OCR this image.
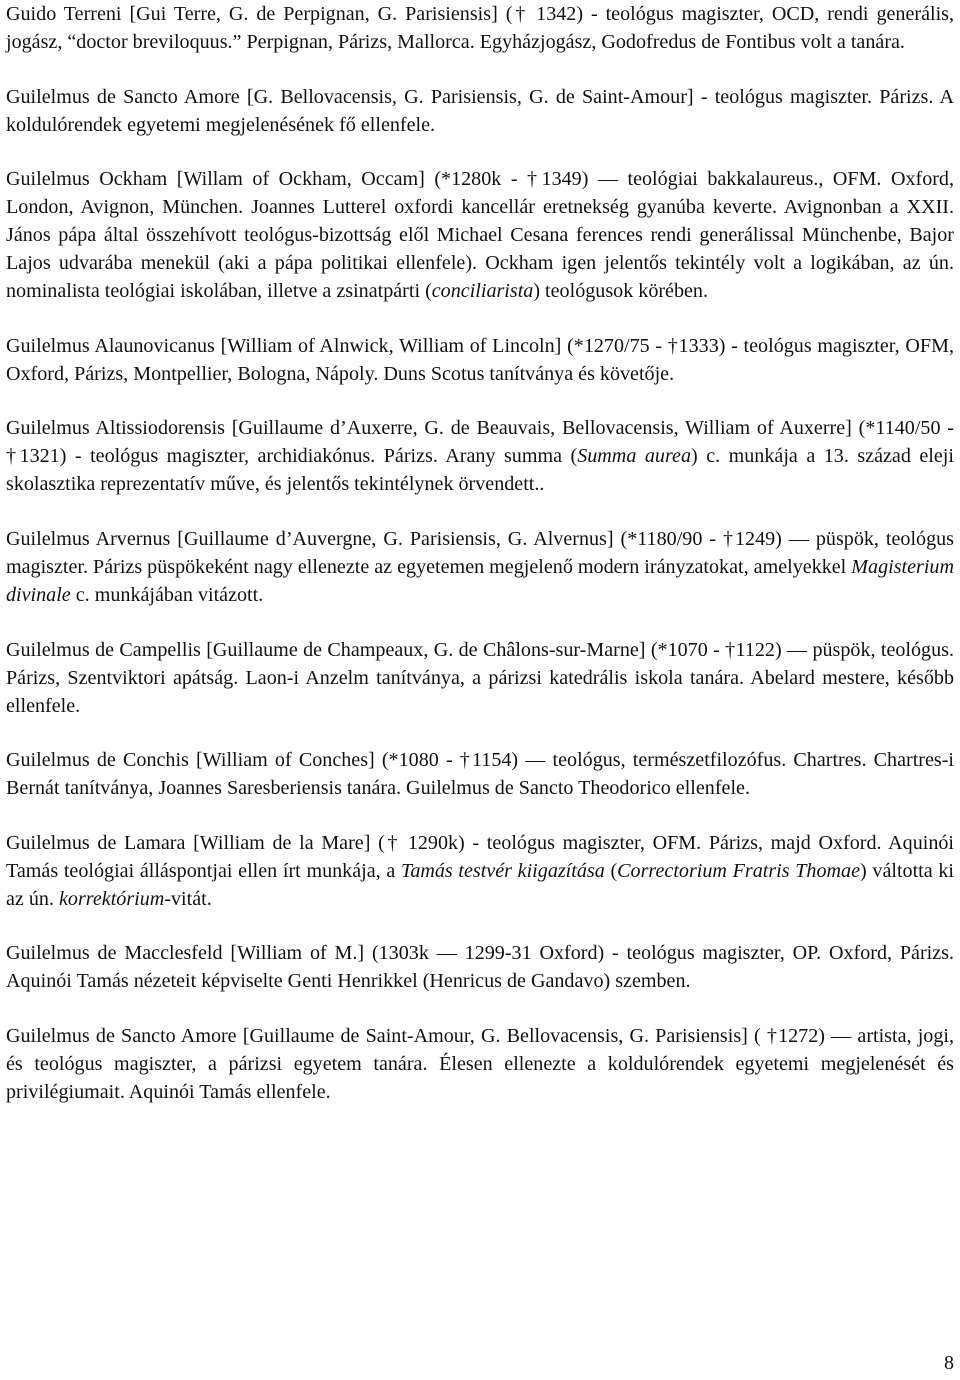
Guido Terreni [Gui Terre, G. de Perpignan, G. Parisiensis] († 1342) - teológus magiszter, OCD, rendi generális, jogász, “doctor breviloquus.” Perpignan, Párizs, Mallorca. Egyházjogász, Godofredus de Fontibus volt a tanára.

Guilelmus de Sancto Amore [G. Bellovacensis, G. Parisiensis, G. de Saint-Amour] - teológus magiszter. Párizs. A koldulórendek egyetemi megjelenésének fő ellenfele.

Guilelmus Ockham [Willam of Ockham, Occam] (*1280k - †1349) — teológiai bakkalaureus., OFM. Oxford, London, Avignon, München. Joannes Lutterel oxfordi kancellár eretnekség gyanúba keverte. Avignonban a XXII. János pápa által összehívott teológus-bizottság elől Michael Cesana ferences rendi generálissal Münchenbe, Bajor Lajos udvarába menekül (aki a pápa politikai ellenfele). Ockham igen jelentős tekintély volt a logikában, az ún. nominalista teológiai iskolában, illetve a zsinatpárti (conciliarista) teológusok körében.

Guilelmus Alaunovicanus [William of Alnwick, William of Lincoln] (*1270/75 - †1333) - teológus magiszter, OFM, Oxford, Párizs, Montpellier, Bologna, Nápoly. Duns Scotus tanítványa és követője.

Guilelmus Altissiodorensis [Guillaume d’Auxerre, G. de Beauvais, Bellovacensis, William of Auxerre] (*1140/50 - †1321) - teológus magiszter, archidiakónus. Párizs. Arany summa (Summa aurea) c. munkája a 13. század eleji skolasztika reprezentatív műve, és jelentős tekintélynek örvendett..

Guilelmus Arvernus [Guillaume d’Auvergne, G. Parisiensis, G. Alvernus] (*1180/90 - †1249) — püspök, teológus magiszter. Párizs püspökeként nagy ellenezte az egyetemen megjelenő modern irányzatokat, amelyekkel Magisterium divinale c. munkájában vitázott.

Guilelmus de Campellis [Guillaume de Champeaux, G. de Châlons-sur-Marne] (*1070 - †1122) — püspök, teológus. Párizs, Szentviktori apátság. Laon-i Anzelm tanítványa, a párizsi katedrális iskola tanára. Abelard mestere, később ellenfele.

Guilelmus de Conchis [William of Conches] (*1080 - †1154) — teológus, természetfilozófus. Chartres. Chartres-i Bernát tanítványa, Joannes Saresberiensis tanára. Guilelmus de Sancto Theodorico ellenfele.

Guilelmus de Lamara [William de la Mare] († 1290k) - teológus magiszter, OFM. Párizs, majd Oxford. Aquinói Tamás teológiai álláspontjai ellen írt munkája, a Tamás testvér kiigazítása (Correctorium Fratris Thomae) váltotta ki az ún. korrektórium-vitát.

Guilelmus de Macclesfeld [William of M.] (1303k — 1299-31 Oxford) - teológus magiszter, OP. Oxford, Párizs. Aquinói Tamás nézeteit képviselte Genti Henrikkel (Henricus de Gandavo) szemben.

Guilelmus de Sancto Amore [Guillaume de Saint-Amour, G. Bellovacensis, G. Parisiensis] ( †1272) — artista, jogi, és teológus magiszter, a párizsi egyetem tanára. Élesen ellenezte a koldulórendek egyetemi megjelenését és privilégiumait. Aquinói Tamás ellenfele.

8
